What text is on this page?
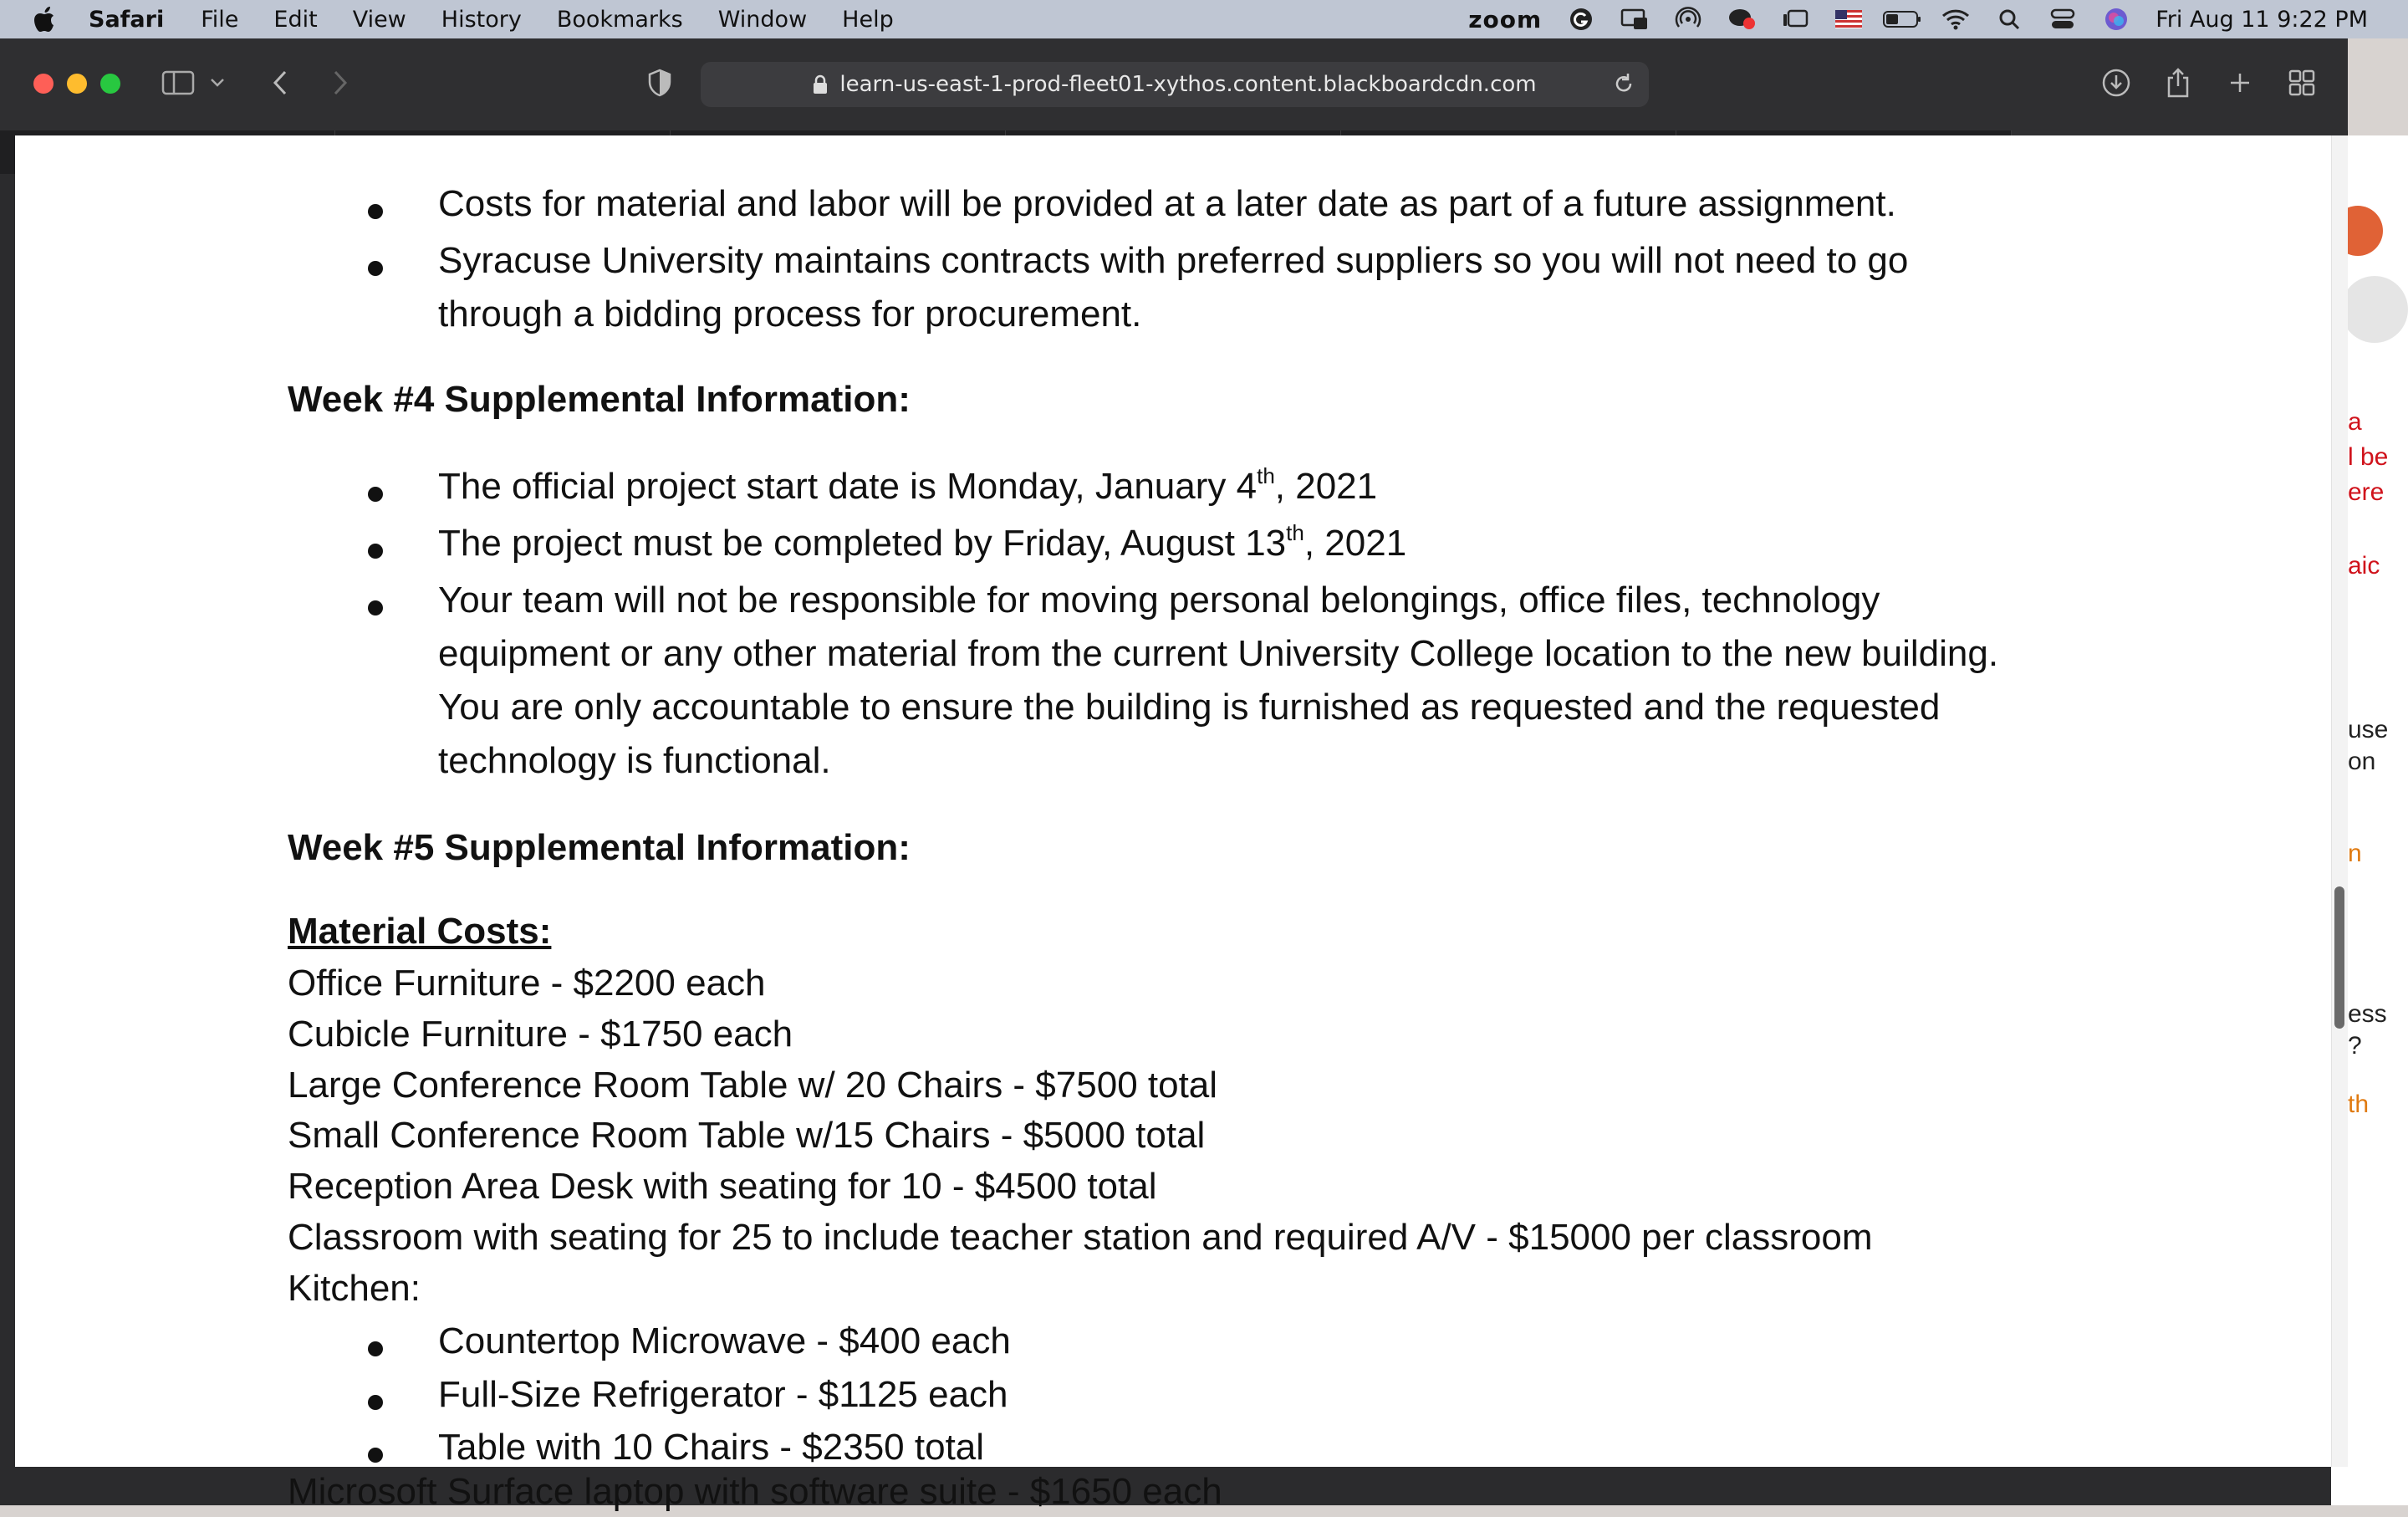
Safari File Edit View History Bookmarks Window Help	zoom	Fri Aug 11 9:22 PM
learn-us-east-1-prod-fleet01-xythos.content.blackboardcdn.com
Costs for material and labor will be provided at a later date as part of a future assignment.
Syracuse University maintains contracts with preferred suppliers so you will not need to go through a bidding process for procurement.
Week #4 Supplemental Information:
The official project start date is Monday, January 4th, 2021
The project must be completed by Friday, August 13th, 2021
Your team will not be responsible for moving personal belongings, office files, technology equipment or any other material from the current University College location to the new building. You are only accountable to ensure the building is furnished as requested and the requested technology is functional.
Week #5 Supplemental Information:
Material Costs:
Office Furniture - $2200 each
Cubicle Furniture - $1750 each
Large Conference Room Table w/ 20 Chairs - $7500 total
Small Conference Room Table w/15 Chairs - $5000 total
Reception Area Desk with seating for 10 - $4500 total
Classroom with seating for 25 to include teacher station and required A/V - $15000 per classroom
Kitchen:
Countertop Microwave - $400 each
Full-Size Refrigerator - $1125 each
Table with 10 Chairs - $2350 total
Microsoft Surface laptop with software suite - $1650 each
a
l be
ere
aic
use
on
n
ess
?
th
